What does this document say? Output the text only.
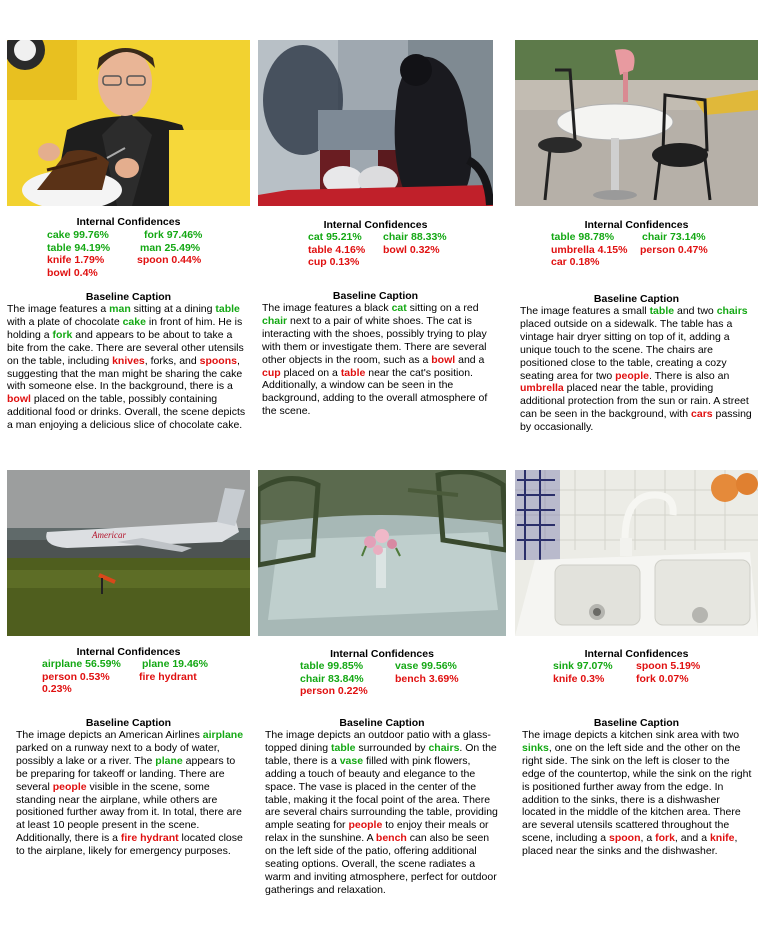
Internal Confidences
cake 99.76%	fork 97.46%
table 94.19%	man 25.49%
knife 1.79%	spoon 0.44%
bowl 0.4%
Baseline Caption
The image features a man sitting at a dining table with a plate of chocolate cake in front of him. He is holding a fork and appears to be about to take a bite from the cake. There are several other utensils on the table, including knives, forks, and spoons, suggesting that the man might be sharing the cake with someone else. In the background, there is a bowl placed on the table, possibly containing additional food or drinks. Overall, the scene depicts a man enjoying a delicious slice of chocolate cake.
Internal Confidences
cat 95.21% chair 88.33%
table 4.16% bowl 0.32%
cup 0.13%
Baseline Caption
The image features a black cat sitting on a red chair next to a pair of white shoes. The cat is interacting with the shoes, possibly trying to play with them or investigate them. There are several other objects in the room, such as a bowl and a cup placed on a table near the cat's position. Additionally, a window can be seen in the background, adding to the overall atmosphere of the scene.
Internal Confidences
table 98.78%	chair 73.14%
umbrella 4.15% person 0.47%
car 0.18%
Baseline Caption
The image features a small table and two chairs placed outside on a sidewalk. The table has a vintage hair dryer sitting on top of it, adding a unique touch to the scene. The chairs are positioned close to the table, creating a cozy seating area for two people. There is also an umbrella placed near the table, providing additional protection from the sun or rain. A street can be seen in the background, with cars passing by occasionally.
Americar
Internal Confidences
airplane 56.59% plane 19.46%
person 0.53%	fire hydrant 0.23%
Baseline Caption
The image depicts an American Airlines airplane parked on a runway next to a body of water, possibly a lake or a river. The plane appears to be preparing for takeoff or landing. There are several people visible in the scene, some standing near the airplane, while others are positioned further away from it. In total, there are at least 10 people present in the scene. Additionally, there is a fire hydrant located close to the airplane, likely for emergency purposes.
Internal Confidences
table 99.85%	vase 99.56%
chair 83.84%	bench 3.69%
person 0.22%
Baseline Caption
The image depicts an outdoor patio with a glass-topped dining table surrounded by chairs. On the table, there is a vase filled with pink flowers, adding a touch of beauty and elegance to the space. The vase is placed in the center of the table, making it the focal point of the area. There are several chairs surrounding the table, providing ample seating for people to enjoy their meals or relax in the sunshine. A bench can also be seen on the left side of the patio, offering additional seating options. Overall, the scene radiates a warm and inviting atmosphere, perfect for outdoor gatherings and relaxation.
Internal Confidences
sink 97.07% spoon 5.19%
knife 0.3%	fork 0.07%
Baseline Caption
The image depicts a kitchen sink area with two sinks, one on the left side and the other on the right side. The sink on the left is closer to the edge of the countertop, while the sink on the right is positioned further away from the edge. In addition to the sinks, there is a dishwasher located in the middle of the kitchen area. There are several utensils scattered throughout the scene, including a spoon, a fork, and a knife, placed near the sinks and the dishwasher.
